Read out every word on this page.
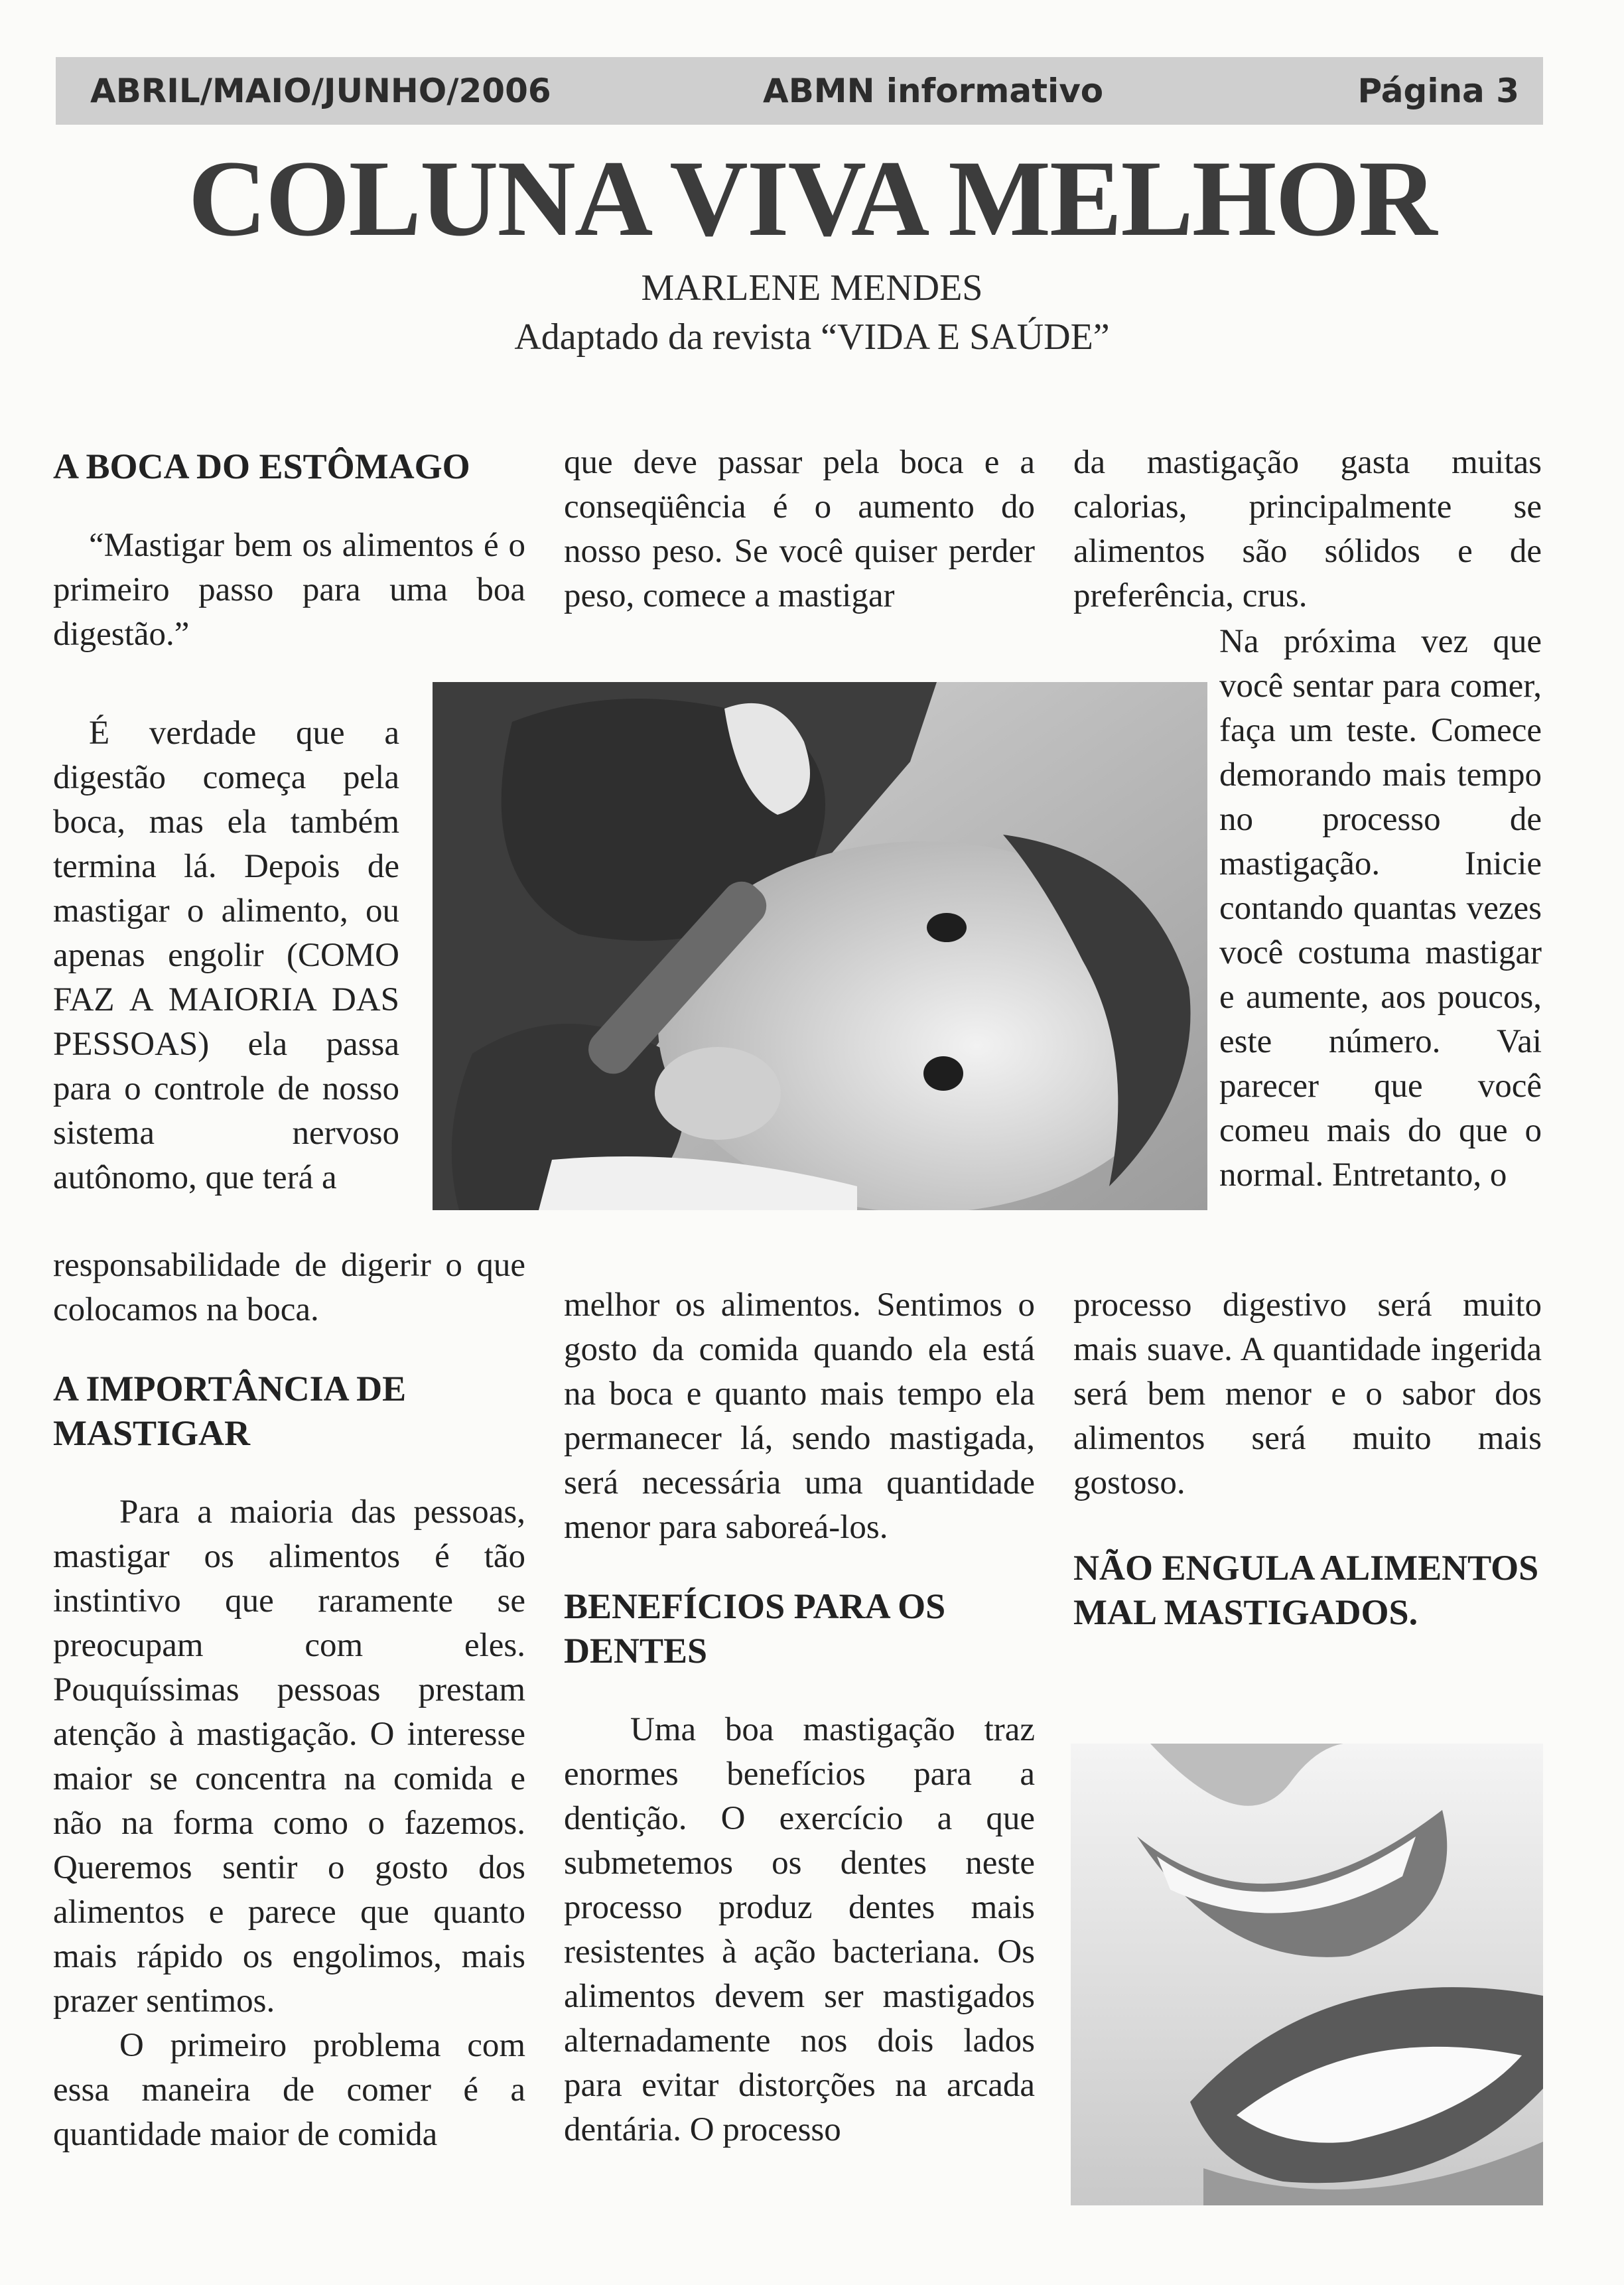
ABRIL/MAIO/JUNHO/2006	ABMN informativo	Página 3
COLUNA VIVA MELHOR
MARLENE MENDES
Adaptado da revista “VIDA E SAÚDE”

A BOCA DO ESTÔMAGO

“Mastigar bem os alimentos é o primeiro passo para uma boa digestão.”

É verdade que a digestão começa pela boca, mas ela também termina lá. Depois de mastigar o alimento, ou apenas engolir (COMO FAZ A MAIORIA DAS PESSOAS) ela passa para o controle de nosso sistema nervoso autônomo, que terá a

responsabilidade de digerir o que colocamos na boca.

A IMPORTÂNCIA DE MASTIGAR

Para a maioria das pessoas, mastigar os alimentos é tão instintivo que raramente se preocupam com eles. Pouquíssimas pessoas prestam atenção à mastigação. O interesse maior se concentra na comida e não na forma como o fazemos. Queremos sentir o gosto dos alimentos e parece que quanto mais rápido os engolimos, mais prazer sentimos.

O primeiro problema com essa maneira de comer é a quantidade maior de comida

que deve passar pela boca e a conseqüência é o aumento do nosso peso. Se você quiser perder peso, comece a mastigar

melhor os alimentos. Sentimos o gosto da comida quando ela está na boca e quanto mais tempo ela permanecer lá, sendo mastigada, será necessária uma quantidade menor para saboreá-los.

BENEFÍCIOS PARA OS DENTES

Uma boa mastigação traz enormes benefícios para a dentição. O exercício a que submetemos os dentes neste processo produz dentes mais resistentes à ação bacteriana. Os alimentos devem ser mastigados alternadamente nos dois lados para evitar distorções na arcada dentária. O processo

da mastigação gasta muitas calorias, principalmente se alimentos são sólidos e de preferência, crus.

Na próxima vez que você sentar para comer, faça um teste. Comece demorando mais tempo no processo de mastigação. Inicie contando quantas vezes você costuma mastigar e aumente, aos poucos, este número. Vai parecer que você comeu mais do que o normal. Entretanto, o

processo digestivo será muito mais suave. A quantidade ingerida será bem menor e o sabor dos alimentos será muito mais gostoso.

NÃO ENGULA ALIMENTOS MAL MASTIGADOS.
